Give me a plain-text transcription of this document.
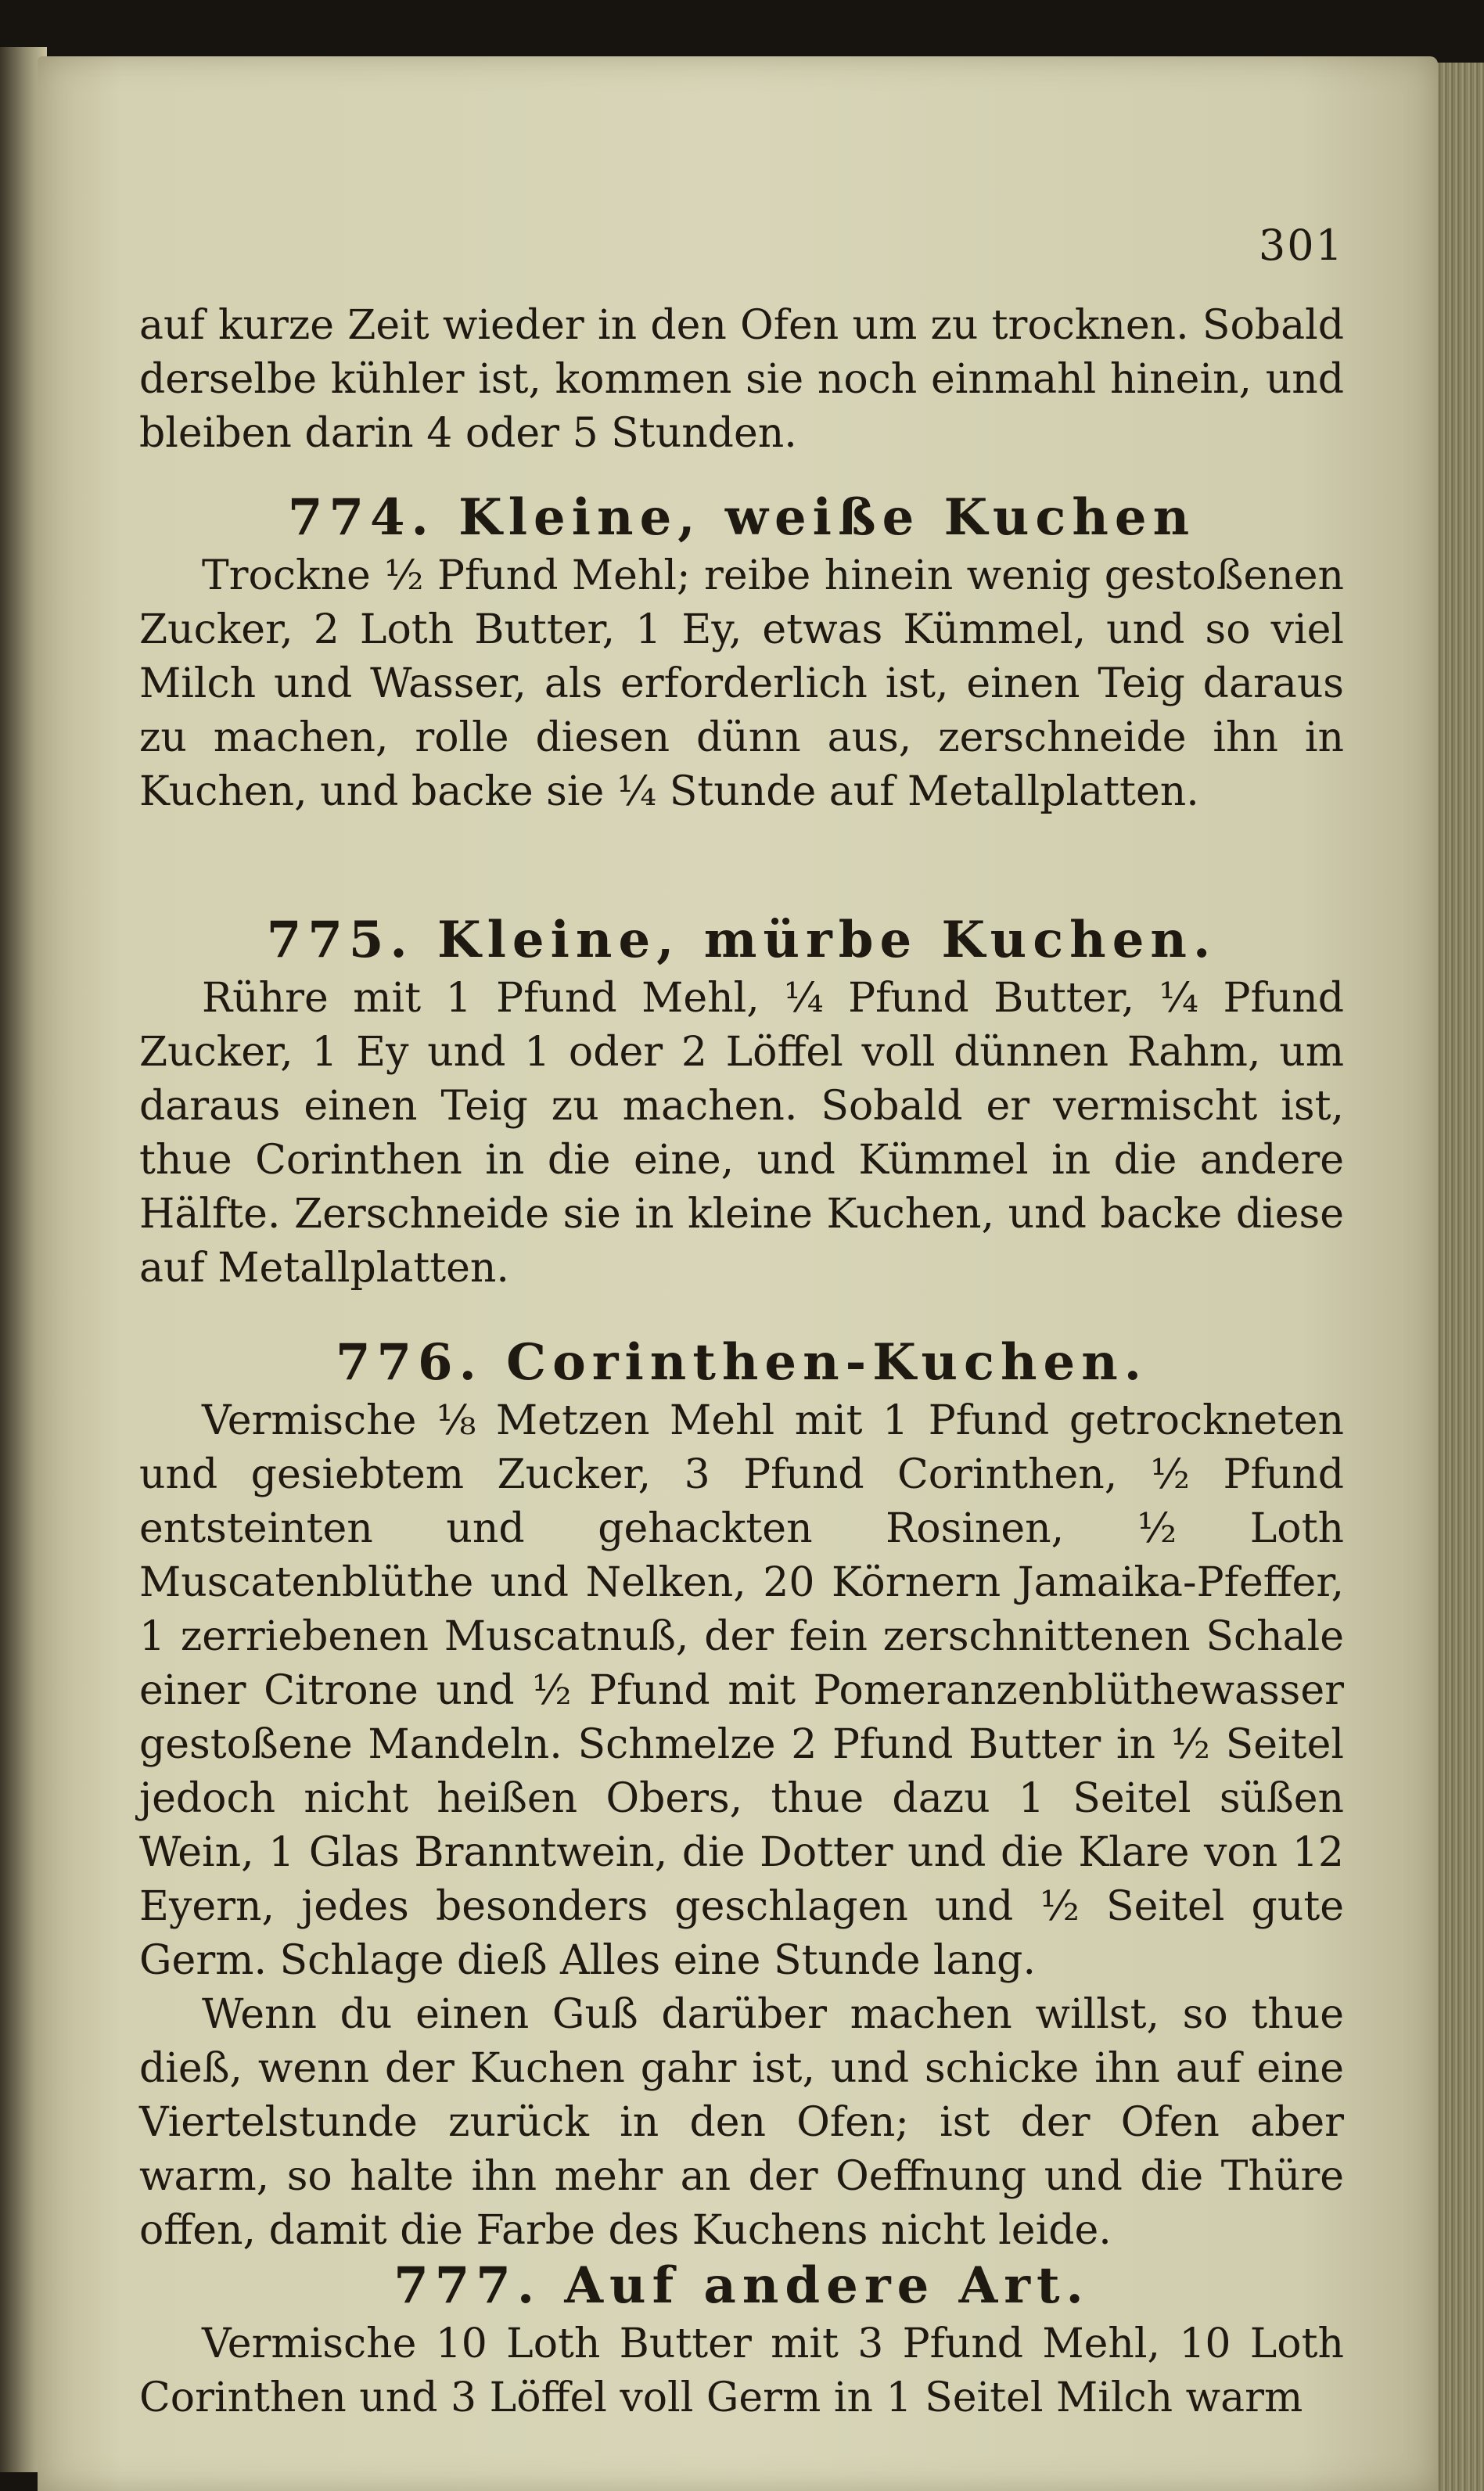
301

auf kurze Zeit wieder in den Ofen um zu trocknen. Sobald derselbe kühler ist, kommen sie noch einmahl hinein, und bleiben darin 4 oder 5 Stunden.

774. Kleine, weiße Kuchen

Trockne ½ Pfund Mehl; reibe hinein wenig gestoßenen Zucker, 2 Loth Butter, 1 Ey, etwas Kümmel, und so viel Milch und Wasser, als erforderlich ist, einen Teig daraus zu machen, rolle diesen dünn aus, zerschneide ihn in Kuchen, und backe sie ¼ Stunde auf Metallplatten.

775. Kleine, mürbe Kuchen.

Rühre mit 1 Pfund Mehl, ¼ Pfund Butter, ¼ Pfund Zucker, 1 Ey und 1 oder 2 Löffel voll dünnen Rahm, um daraus einen Teig zu machen. Sobald er vermischt ist, thue Corinthen in die eine, und Kümmel in die andere Hälfte. Zerschneide sie in kleine Kuchen, und backe diese auf Metallplatten.

776. Corinthen-Kuchen.

Vermische ⅛ Metzen Mehl mit 1 Pfund getrockneten und gesiebtem Zucker, 3 Pfund Corinthen, ½ Pfund entsteinten und gehackten Rosinen, ½ Loth Muscatenblüthe und Nelken, 20 Körnern Jamaika-Pfeffer, 1 zerriebenen Muscatnuß, der fein zerschnittenen Schale einer Citrone und ½ Pfund mit Pomeranzenblüthewasser gestoßene Mandeln. Schmelze 2 Pfund Butter in ½ Seitel jedoch nicht heißen Obers, thue dazu 1 Seitel süßen Wein, 1 Glas Branntwein, die Dotter und die Klare von 12 Eyern, jedes besonders geschlagen und ½ Seitel gute Germ. Schlage dieß Alles eine Stunde lang.

Wenn du einen Guß darüber machen willst, so thue dieß, wenn der Kuchen gahr ist, und schicke ihn auf eine Viertelstunde zurück in den Ofen; ist der Ofen aber warm, so halte ihn mehr an der Oeffnung und die Thüre offen, damit die Farbe des Kuchens nicht leide.

777. Auf andere Art.

Vermische 10 Loth Butter mit 3 Pfund Mehl, 10 Loth Corinthen und 3 Löffel voll Germ in 1 Seitel Milch warm
